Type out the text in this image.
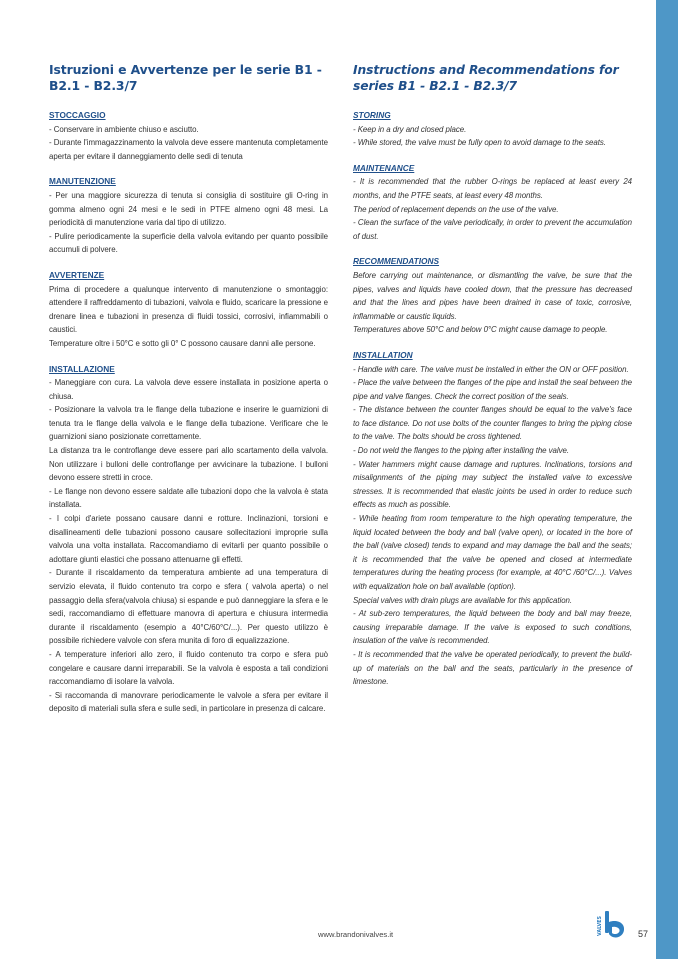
Istruzioni e Avvertenze per le serie B1 - B2.1 - B2.3/7
STOCCAGGIO

- Conservare in ambiente chiuso e asciutto.

- Durante l'immagazzinamento la valvola deve essere mantenuta completamente aperta per evitare il danneggiamento delle sedi di tenuta

MANUTENZIONE

- Per una maggiore sicurezza di tenuta si consiglia di sostituire gli O-ring in gomma almeno ogni 24 mesi e le sedi in PTFE almeno ogni 48 mesi. La periodicità di manutenzione varia dal tipo di utilizzo.

- Pulire periodicamente la superficie della valvola evitando per quanto possibile accumuli di polvere.

AVVERTENZE

Prima di procedere a qualunque intervento di manutenzione o smontaggio: attendere il raffreddamento di tubazioni, valvola e fluido, scaricare la pressione e drenare linea e tubazioni in presenza di fluidi tossici, corrosivi, infiammabili o caustici.

Temperature oltre i 50°C e sotto gli 0° C possono causare danni alle persone.

INSTALLAZIONE

- Maneggiare con cura. La valvola deve essere installata in posizione aperta o chiusa.

- Posizionare la valvola tra le flange della tubazione e inserire le guarnizioni di tenuta tra le flange della valvola e le flange della tubazione. Verificare che le guarnizioni siano posizionate correttamente.

La distanza tra le controflange deve essere pari allo scartamento della valvola. Non utilizzare i bulloni delle controflange per avvicinare la tubazione. I bulloni devono essere stretti in croce.

- Le flange non devono essere saldate alle tubazioni dopo che la valvola è stata installata.

- I colpi d'ariete possano causare danni e rotture. Inclinazioni, torsioni e disallineamenti delle tubazioni possono causare sollecitazioni improprie sulla valvola una volta installata. Raccomandiamo di evitarli per quanto possibile o adottare giunti elastici che possano attenuarne gli effetti.

- Durante il riscaldamento da temperatura ambiente ad una temperatura di servizio elevata, il fluido contenuto tra corpo e sfera ( valvola aperta) o nel passaggio della sfera(valvola chiusa) si espande e può danneggiare la sfera e le sedi, raccomandiamo di effettuare manovra di apertura e chiusura intermedia durante il riscaldamento (esempio a 40°C/60°C/...). Per questo utilizzo è possibile richiedere valvole con sfera munita di foro di equalizzazione.

- A temperature inferiori allo zero, il fluido contenuto tra corpo e sfera può congelare e causare danni irreparabili. Se la valvola è esposta a tali condizioni raccomandiamo di isolare la valvola.

- Si raccomanda di manovrare periodicamente le valvole a sfera per evitare il deposito di materiali sulla sfera e sulle sedi, in particolare in presenza di calcare.

Instructions and Recommendations for series B1 - B2.1 - B2.3/7
STORING

- Keep in a dry and closed place.

- While stored, the valve must be fully open to avoid damage to the seats.

MAINTENANCE

- It is recommended that the rubber O-rings be replaced at least every 24 months, and the PTFE seats, at least every 48 months.

The period of replacement depends on the use of the valve.

- Clean the surface of the valve periodically, in order to prevent the accumulation of dust.

RECOMMENDATIONS

Before carrying out maintenance, or dismantling the valve, be sure that the pipes, valves and liquids have cooled down, that the pressure has decreased and that the lines and pipes have been drained in case of toxic, corrosive, inflammable or caustic liquids.

Temperatures above 50°C and below 0°C might cause damage to people.

INSTALLATION

- Handle with care. The valve must be installed in either the ON or OFF position.

- Place the valve between the flanges of the pipe and install the seal between the pipe and valve flanges. Check the correct position of the seals.

- The distance between the counter flanges should be equal to the valve's face to face distance. Do not use bolts of the counter flanges to bring the piping close to the valve. The bolts should be cross tightened.

- Do not weld the flanges to the piping after installing the valve.

- Water hammers might cause damage and ruptures. Inclinations, torsions and misalignments of the piping may subject the installed valve to excessive stresses. It is recommended that elastic joints be used in order to reduce such effects as much as possible.

- While heating from room temperature to the high operating temperature, the liquid located between the body and ball (valve open), or located in the bore of the ball (valve closed) tends to expand and may damage the ball and the seats; it is recommended that the valve be opened and closed at intermediate temperatures during the heating process (for example, at 40°C /60°C/...). Valves with equalization hole on ball available (option).

Special valves with drain plugs are available for this application.

- At sub-zero temperatures, the liquid between the body and ball may freeze, causing irreparable damage. If the valve is exposed to such conditions, insulation of the valve is recommended.

- It is recommended that the valve be operated periodically, to prevent the build-up of materials on the ball and the seats, particularly in the presence of limestone.

www.brandonivalves.it	VALVES	57
